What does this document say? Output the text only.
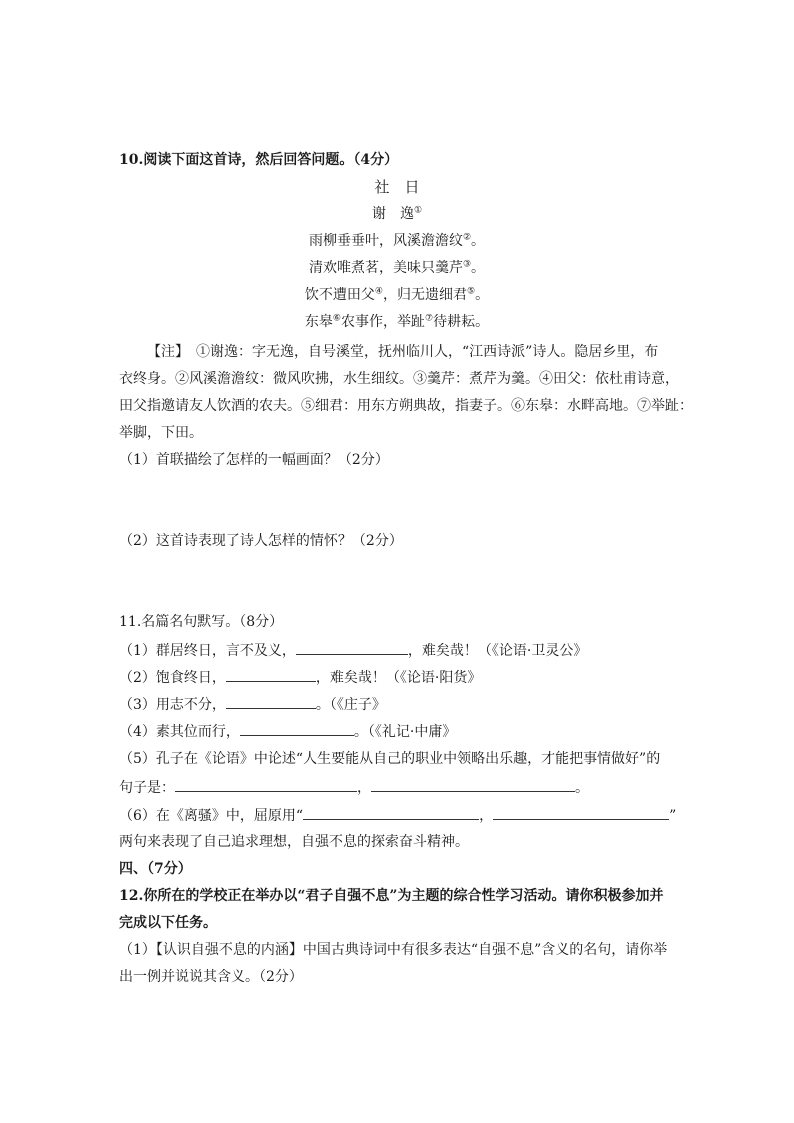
10.阅读下面这首诗，然后回答问题。（4分）
社　日
谢　逸①
雨柳垂垂叶，风溪澹澹纹②。
清欢唯煮茗，美味只羹芹③。
饮不遭田父④，归无遗细君⑤。
东皋⑥农事作，举趾⑦待耕耘。
【注】　①谢逸：字无逸，自号溪堂，抚州临川人，“江西诗派”诗人。隐居乡里，布
衣终身。②风溪澹澹纹：微风吹拂，水生细纹。③羹芹：煮芹为羹。④田父：依杜甫诗意，
田父指邀请友人饮酒的农夫。⑤细君：用东方朔典故，指妻子。⑥东皋：水畔高地。⑦举趾：
举脚，下田。
（1）首联描绘了怎样的一幅画面？（2分）
（2）这首诗表现了诗人怎样的情怀？（2分）
11.名篇名句默写。（8分）
（1）群居终日，言不及义，	，难矣哉！（《论语·卫灵公》
（2）饱食终日，	，难矣哉！（《论语·阳货》
（3）用志不分，	。（《庄子》
（4）素其位而行，	。（《礼记·中庸》
（5）孔子在《论语》中论述“人生要能从自己的职业中领略出乐趣，才能把事情做好”的
句子是：	，	。
（6）在《离骚》中，屈原用“	，	”
两句来表现了自己追求理想，自强不息的探索奋斗精神。
四、（7分）
12.你所在的学校正在举办以“君子自强不息”为主题的综合性学习活动。请你积极参加并
完成以下任务。
（1）【认识自强不息的内涵】中国古典诗词中有很多表达“自强不息”含义的名句，请你举
出一例并说说其含义。（2分）
